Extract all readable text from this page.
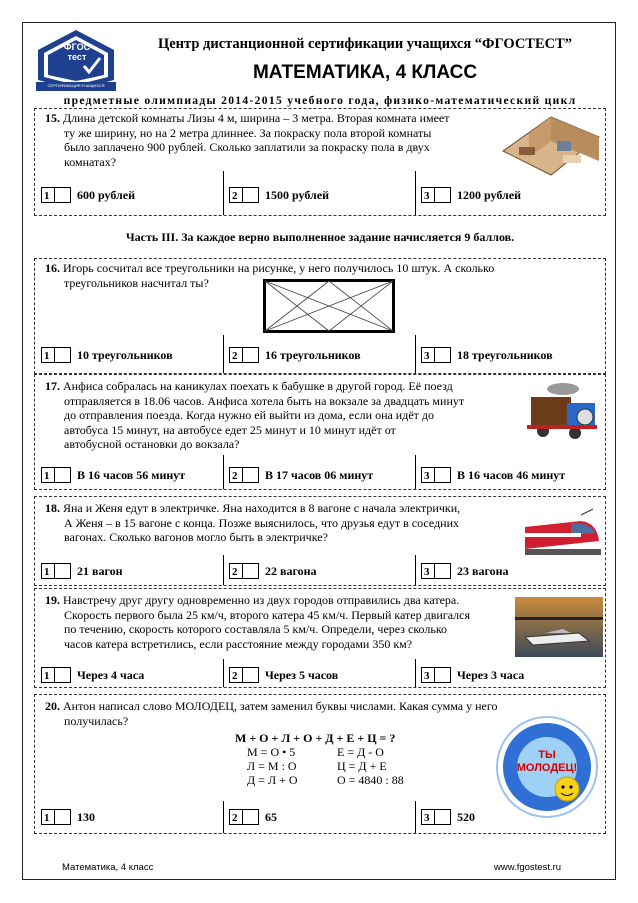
ФГОС
тест
СЕРТИФИКАЦИЯ УЧАЩИХСЯ
Центр дистанционной сертификации учащихся “ФГОСТЕСТ”
МАТЕМАТИКА, 4 КЛАСС
предметные олимпиады 2014-2015 учебного года, физико-математический цикл
15. Длина детской комнаты Лизы 4 м, ширина – 3 метра. Вторая комната имеет
ту же ширину, но на 2 метра длиннее. За покраску пола второй комнаты
было заплачено 900 рублей. Сколько заплатили за покраску пола в двух
комнатах?
1	600 рублей	2	1500 рублей	3	1200 рублей
Часть III. За каждое верно выполненное задание начисляется 9 баллов.
16. Игорь сосчитал все треугольники на рисунке, у него получилось 10 штук. А сколько
треугольников насчитал ты?
1	10 треугольников	2	16 треугольников	3	18 треугольников
17. Анфиса собралась на каникулах поехать к бабушке в другой город. Её поезд
отправляется в 18.06 часов. Анфиса хотела быть на вокзале за двадцать минут
до отправления поезда. Когда нужно ей выйти из дома, если она идёт до
автобуса 15 минут, на автобусе едет 25 минут и 10 минут идёт от
автобусной остановки до вокзала?
1	В 16 часов 56 минут	2	В 17 часов 06 минут	3	В 16 часов 46 минут
18. Яна и Женя едут в электричке. Яна находится в 8 вагоне с начала электрички,
А Женя – в 15 вагоне с конца. Позже выяснилось, что друзья едут в соседних
вагонах. Сколько вагонов могло быть в электричке?
1	21 вагон	2	22 вагона	3	23 вагона
19. Навстречу друг другу одновременно из двух городов отправились два катера.
Скорость первого была 25 км/ч, второго катера 45 км/ч. Первый катер двигался
по течению, скорость которого составляла 5 км/ч. Определи, через сколько
часов катера встретились, если расстояние между городами 350 км?
1	Через 4 часа	2	Через 5 часов	3	Через 3 часа
20. Антон написал слово МОЛОДЕЦ, затем заменил буквы числами. Какая сумма у него
получилась?
М + О + Л + О + Д + Е + Ц = ?
М = О • 5	Е = Д - О
Л = М : О	Ц = Д + Е
Д = Л + О	О = 4840 : 88
ТЫ
МОЛОДЕЦ!
1	130	2	65	3	520
Математика, 4 класс	www.fgostest.ru
